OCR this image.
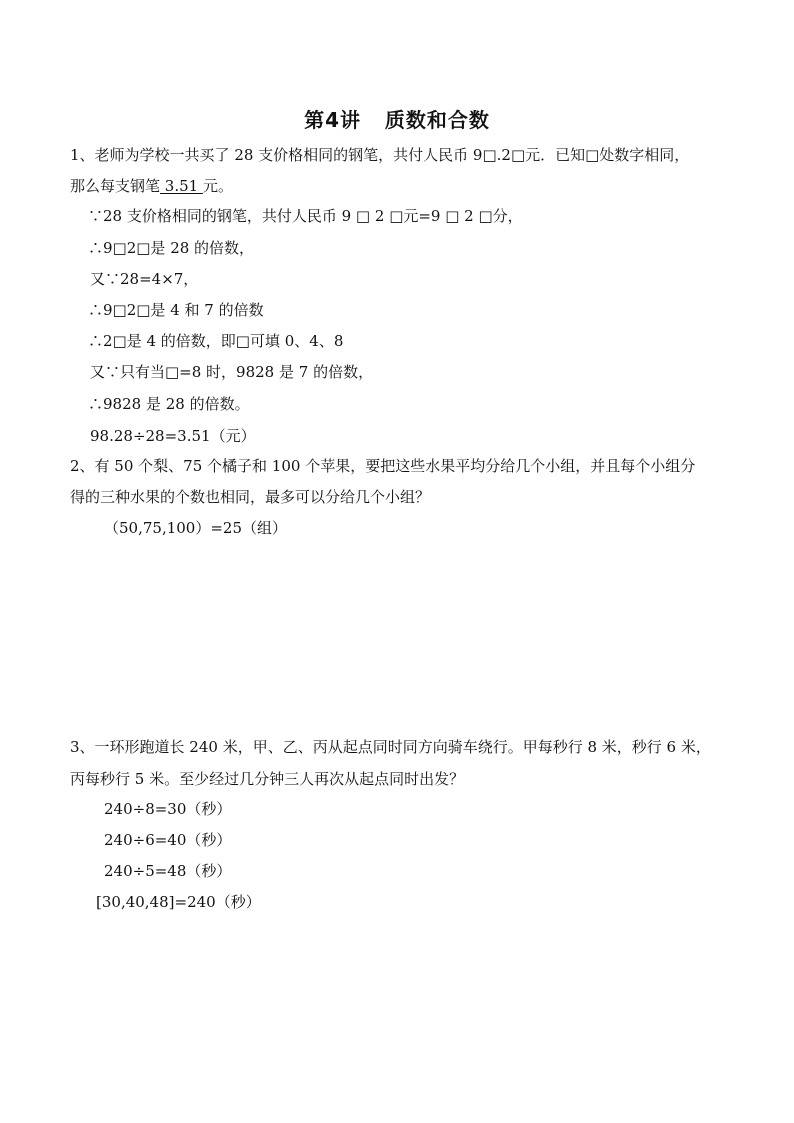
第4讲   质数和合数
1、老师为学校一共买了 28 支价格相同的钢笔，共付人民币 9□.2□元．已知□处数字相同，
那么每支钢笔 3.51 元。
∵28 支价格相同的钢笔，共付人民币 9 □ 2 □元=9 □ 2 □分，
∴9□2□是 28 的倍数，
又∵28=4×7，
∴9□2□是 4 和 7 的倍数
∴2□是 4 的倍数，即□可填 0、4、8
又∵只有当□=8 时，9828 是 7 的倍数，
∴9828 是 28 的倍数。
98.28÷28=3.51（元）
2、有 50 个梨、75 个橘子和 100 个苹果，要把这些水果平均分给几个小组，并且每个小组分
得的三种水果的个数也相同，最多可以分给几个小组？
（50,75,100）=25（组）
3、一环形跑道长 240 米，甲、乙、丙从起点同时同方向骑车绕行。甲每秒行 8 米，秒行 6 米，
丙每秒行 5 米。至少经过几分钟三人再次从起点同时出发？
240÷8=30（秒）
240÷6=40（秒）
240÷5=48（秒）
[30,40,48]=240（秒）
